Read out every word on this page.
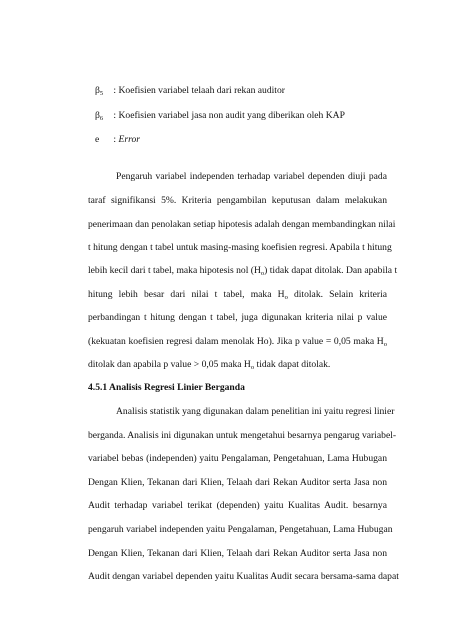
$\beta_5$ : Koefisien variabel telaah dari rekan auditor
$\beta_6$ : Koefisien variabel jasa non audit yang diberikan oleh KAP
e : Error
Pengaruh variabel independen terhadap variabel dependen diuji pada
taraf signifikansi 5%. Kriteria pengambilan keputusan dalam melakukan
penerimaan dan penolakan setiap hipotesis adalah dengan membandingkan nilai
t hitung dengan t tabel untuk masing-masing koefisien regresi. Apabila t hitung
lebih kecil dari t tabel, maka hipotesis nol $(H_o)$ tidak dapat ditolak. Dan apabila t
hitung lebih besar dari nilai t tabel, maka $H_o$ ditolak. Selain kriteria
perbandingan t hitung dengan t tabel, juga digunakan kriteria nilai p value
(kekuatan koefisien regresi dalam menolak Ho). Jika p value = 0,05 maka $H_o$
ditolak dan apabila p value > 0,05 maka $H_o$ tidak dapat ditolak.
4.5.1 Analisis Regresi Linier Berganda
Analisis statistik yang digunakan dalam penelitian ini yaitu regresi linier
berganda. Analisis ini digunakan untuk mengetahui besarnya pengarug variabel-
variabel bebas (independen) yaitu Pengalaman, Pengetahuan, Lama Hubugan
Dengan Klien, Tekanan dari Klien, Telaah dari Rekan Auditor serta Jasa non
Audit terhadap variabel terikat (dependen) yaitu Kualitas Audit. besarnya
pengaruh variabel independen yaitu Pengalaman, Pengetahuan, Lama Hubugan
Dengan Klien, Tekanan dari Klien, Telaah dari Rekan Auditor serta Jasa non
Audit dengan variabel dependen yaitu Kualitas Audit secara bersama-sama dapat
